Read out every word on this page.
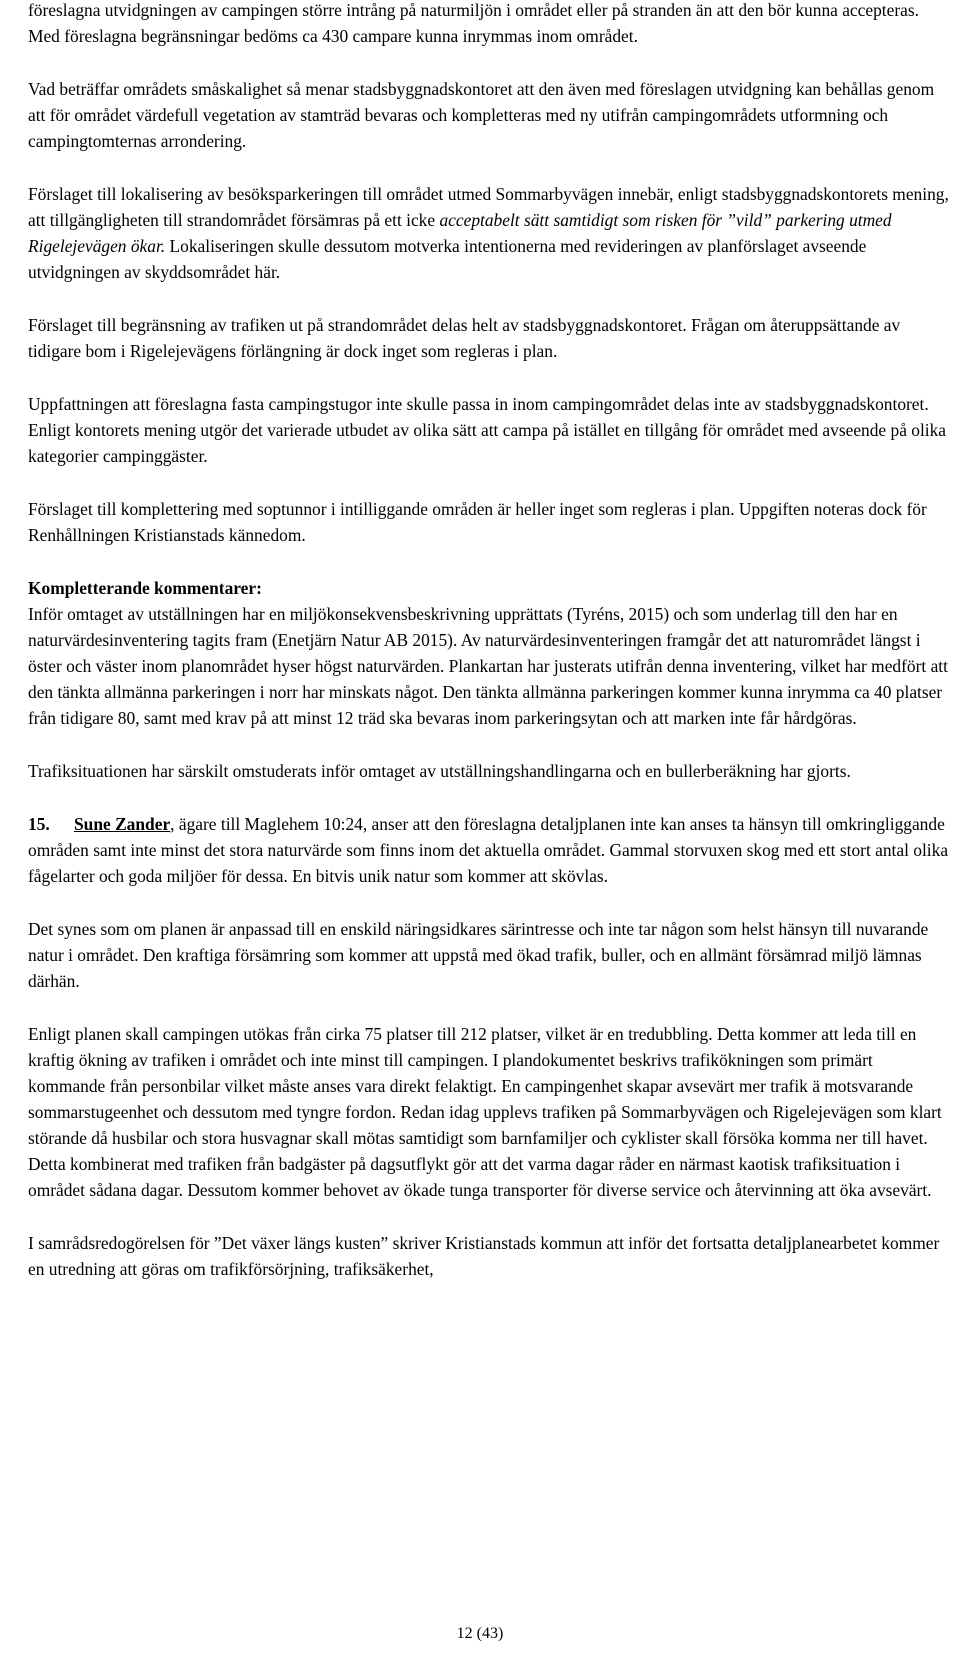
föreslagna utvidgningen av campingen större intrång på naturmiljön i området eller på stranden än att den bör kunna accepteras. Med föreslagna begränsningar bedöms ca 430 campare kunna inrymmas inom området.

Vad beträffar områdets småskalighet så menar stadsbyggnadskontoret att den även med föreslagen utvidgning kan behållas genom att för området värdefull vegetation av stamträd bevaras och kompletteras med ny utifrån campingområdets utformning och campingtomternas arrondering.

Förslaget till lokalisering av besöksparkeringen till området utmed Sommarbyvägen innebär, enligt stadsbyggnadskontorets mening, att tillgängligheten till strandområdet försämras på ett icke acceptabelt sätt samtidigt som risken för ”vild” parkering utmed Rigelejevägen ökar. Lokaliseringen skulle dessutom motverka intentionerna med revideringen av planförslaget avseende utvidgningen av skyddsområdet här.

Förslaget till begränsning av trafiken ut på strandområdet delas helt av stadsbyggnadskontoret. Frågan om återuppsättande av tidigare bom i Rigelejevägens förlängning är dock inget som regleras i plan.

Uppfattningen att föreslagna fasta campingstugor inte skulle passa in inom campingområdet delas inte av stadsbyggnadskontoret. Enligt kontorets mening utgör det varierade utbudet av olika sätt att campa på istället en tillgång för området med avseende på olika kategorier campinggäster.

Förslaget till komplettering med soptunnor i intilliggande områden är heller inget som regleras i plan. Uppgiften noteras dock för Renhållningen Kristianstads kännedom.

Kompletterande kommentarer:

Inför omtaget av utställningen har en miljökonsekvensbeskrivning upprättats (Tyréns, 2015) och som underlag till den har en naturvärdesinventering tagits fram (Enetjärn Natur AB 2015). Av naturvärdesinventeringen framgår det att naturområdet längst i öster och väster inom planområdet hyser högst naturvärden. Plankartan har justerats utifrån denna inventering, vilket har medfört att den tänkta allmänna parkeringen i norr har minskats något. Den tänkta allmänna parkeringen kommer kunna inrymma ca 40 platser från tidigare 80, samt med krav på att minst 12 träd ska bevaras inom parkeringsytan och att marken inte får hårdgöras.

Trafiksituationen har särskilt omstuderats inför omtaget av utställningshandlingarna och en bullerberäkning har gjorts.

15. Sune Zander, ägare till Maglehem 10:24, anser att den föreslagna detaljplanen inte kan anses ta hänsyn till omkringliggande områden samt inte minst det stora naturvärde som finns inom det aktuella området. Gammal storvuxen skog med ett stort antal olika fågelarter och goda miljöer för dessa. En bitvis unik natur som kommer att skövlas.

Det synes som om planen är anpassad till en enskild näringsidkares särintresse och inte tar någon som helst hänsyn till nuvarande natur i området. Den kraftiga försämring som kommer att uppstå med ökad trafik, buller, och en allmänt försämrad miljö lämnas därhän.

Enligt planen skall campingen utökas från cirka 75 platser till 212 platser, vilket är en tredubbling. Detta kommer att leda till en kraftig ökning av trafiken i området och inte minst till campingen. I plandokumentet beskrivs trafikökningen som primärt kommande från personbilar vilket måste anses vara direkt felaktigt. En campingenhet skapar avsevärt mer trafik ä motsvarande sommarstugeenhet och dessutom med tyngre fordon. Redan idag upplevs trafiken på Sommarbyvägen och Rigelejevägen som klart störande då husbilar och stora husvagnar skall mötas samtidigt som barnfamiljer och cyklister skall försöka komma ner till havet. Detta kombinerat med trafiken från badgäster på dagsutflykt gör att det varma dagar råder en närmast kaotisk trafiksituation i området sådana dagar. Dessutom kommer behovet av ökade tunga transporter för diverse service och återvinning att öka avsevärt.

I samrådsredogörelsen för ”Det växer längs kusten” skriver Kristianstads kommun att inför det fortsatta detaljplanearbetet kommer en utredning att göras om trafikförsörjning, trafiksäkerhet,

12 (43)
